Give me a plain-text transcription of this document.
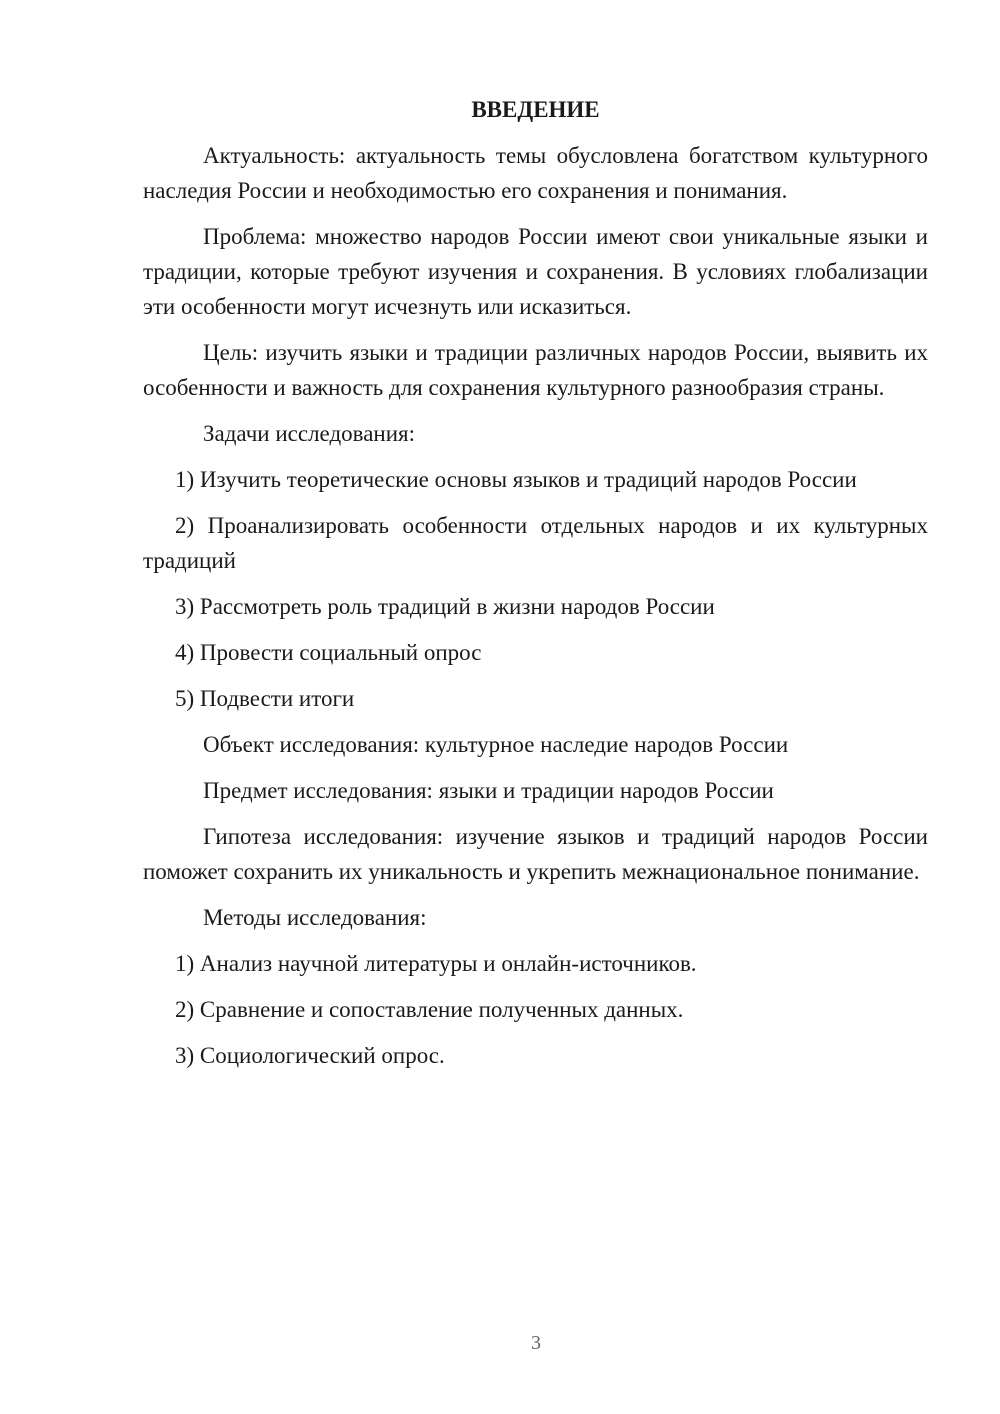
ВВЕДЕНИЕ

Актуальность: актуальность темы обусловлена богатством культурного наследия России и необходимостью его сохранения и понимания.

Проблема: множество народов России имеют свои уникальные языки и традиции, которые требуют изучения и сохранения. В условиях глобализации эти особенности могут исчезнуть или исказиться.

Цель: изучить языки и традиции различных народов России, выявить их особенности и важность для сохранения культурного разнообразия страны.

Задачи исследования:

1) Изучить теоретические основы языков и традиций народов России

2) Проанализировать особенности отдельных народов и их культурных традиций

3) Рассмотреть роль традиций в жизни народов России

4) Провести социальный опрос

5) Подвести итоги

Объект исследования: культурное наследие народов России

Предмет исследования: языки и традиции народов России

Гипотеза исследования: изучение языков и традиций народов России поможет сохранить их уникальность и укрепить межнациональное понимание.

Методы исследования:

1) Анализ научной литературы и онлайн-источников.

2) Сравнение и сопоставление полученных данных.

3) Социологический опрос.

3
